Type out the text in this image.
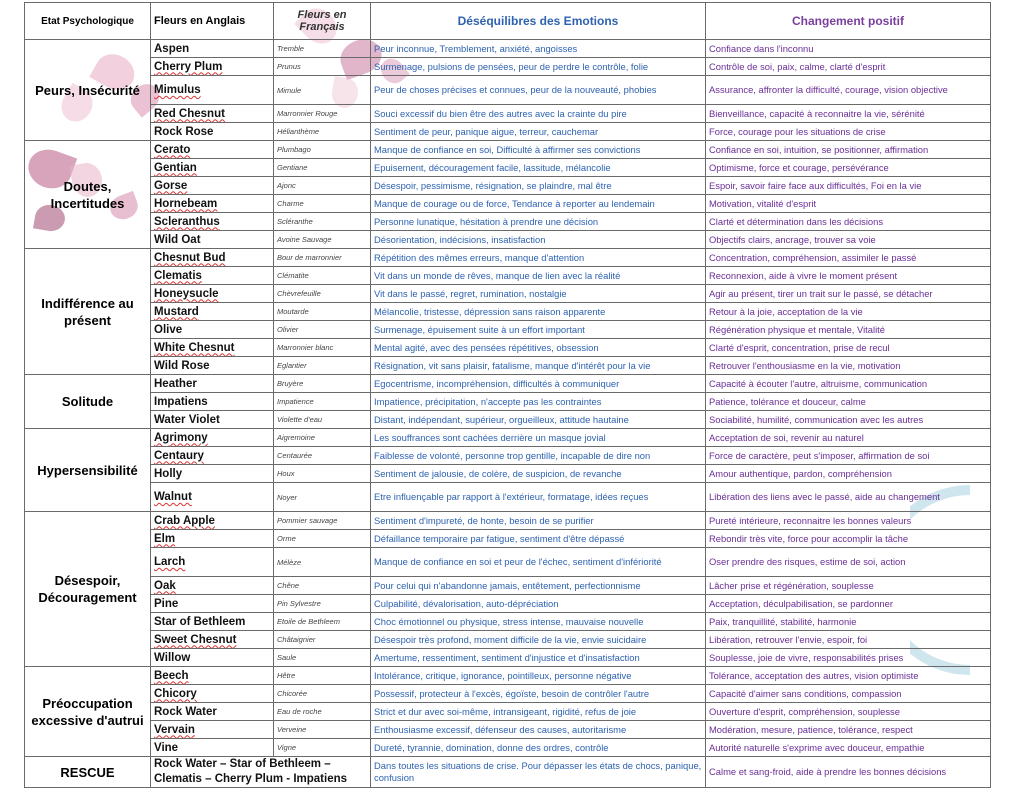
Etat Psychologique	Fleurs en Anglais	Fleurs en Français	Déséquilibres des Emotions	Changement positif
Peurs, Insécurité	Aspen	Tremble	Peur inconnue, Tremblement, anxiété, angoisses	Confiance dans l'inconnu
	Cherry Plum	Prunus	Surmenage, pulsions de pensées, peur de perdre le contrôle, folie	Contrôle de soi, paix, calme, clarté d'esprit
	Mimulus	Mimule	Peur de choses précises et connues, peur de la nouveauté, phobies	Assurance, affronter la difficulté, courage, vision objective
	Red Chesnut	Marronnier Rouge	Souci excessif du bien être des autres avec la crainte du pire	Bienveillance, capacité à reconnaitre la vie, sérénité
	Rock Rose	Hélianthème	Sentiment de peur, panique aigue, terreur, cauchemar	Force, courage pour les situations de crise
Doutes, Incertitudes	Cerato	Plumbago	Manque de confiance en soi, Difficulté à affirmer ses convictions	Confiance en soi, intuition, se positionner, affirmation
	Gentian	Gentiane	Epuisement, découragement facile, lassitude, mélancolie	Optimisme, force et courage, persévérance
	Gorse	Ajonc	Désespoir, pessimisme, résignation, se plaindre, mal être	Espoir, savoir faire face aux difficultés, Foi en la vie
	Hornebeam	Charme	Manque de courage ou de force, Tendance à reporter au lendemain	Motivation, vitalité d'esprit
	Scleranthus	Scléranthe	Personne lunatique, hésitation à prendre une décision	Clarté et détermination dans les décisions
	Wild Oat	Avoine Sauvage	Désorientation, indécisions, insatisfaction	Objectifs clairs, ancrage, trouver sa voie
Indifférence au présent	Chesnut Bud	Bour de marronnier	Répétition des mêmes erreurs, manque d'attention	Concentration, compréhension, assimiler le passé
	Clematis	Clématite	Vit dans un monde de rêves, manque de lien avec la réalité	Reconnexion, aide à vivre le moment présent
	Honeysucle	Chèvrefeuille	Vit dans le passé, regret, rumination, nostalgie	Agir au présent, tirer un trait sur le passé, se détacher
	Mustard	Moutarde	Mélancolie, tristesse, dépression sans raison apparente	Retour à la joie, acceptation de la vie
	Olive	Olivier	Surmenage, épuisement suite à un effort important	Régénération physique et mentale, Vitalité
	White Chesnut	Marronnier blanc	Mental agité, avec des pensées répétitives, obsession	Clarté d'esprit, concentration, prise de recul
	Wild Rose	Eglantier	Résignation, vit sans plaisir, fatalisme, manque d'intérêt pour la vie	Retrouver l'enthousiasme en la vie, motivation
Solitude	Heather	Bruyère	Egocentrisme, incompréhension, difficultés à communiquer	Capacité à écouter l'autre, altruisme, communication
	Impatiens	Impatience	Impatience, précipitation, n'accepte pas les contraintes	Patience, tolérance et douceur, calme
	Water Violet	Violette d'eau	Distant, indépendant, supérieur, orgueilleux, attitude hautaine	Sociabilité, humilité, communication avec les autres
Hypersensibilité	Agrimony	Aigremoine	Les souffrances sont cachées derrière un masque jovial	Acceptation de soi, revenir au naturel
	Centaury	Centaurée	Faiblesse de volonté, personne trop gentille, incapable de dire non	Force de caractère, peut s'imposer, affirmation de soi
	Holly	Houx	Sentiment de jalousie, de colère, de suspicion, de revanche	Amour authentique, pardon, compréhension
	Walnut	Noyer	Etre influençable par rapport à l'extérieur, formatage, idées reçues	Libération des liens avec le passé, aide au changement
Désespoir, Découragement	Crab Apple	Pommier sauvage	Sentiment d'impureté, de honte, besoin de se purifier	Pureté intérieure, reconnaitre les bonnes valeurs
	Elm	Orme	Défaillance temporaire par fatigue, sentiment d'être dépassé	Rebondir très vite, force pour accomplir la tâche
	Larch	Mélèze	Manque de confiance en soi et peur de l'échec, sentiment d'infériorité	Oser prendre des risques, estime de soi, action
	Oak	Chêne	Pour celui qui n'abandonne jamais, entêtement, perfectionnisme	Lâcher prise et régénération, souplesse
	Pine	Pin Sylvestre	Culpabilité, dévalorisation, auto-dépréciation	Acceptation, déculpabilisation, se pardonner
	Star of Bethleem	Etoile de Bethleem	Choc émotionnel ou physique, stress intense, mauvaise nouvelle	Paix, tranquillité, stabilité, harmonie
	Sweet Chesnut	Châtaignier	Désespoir très profond, moment difficile de la vie, envie suicidaire	Libération, retrouver l'envie, espoir, foi
	Willow	Saule	Amertume, ressentiment, sentiment d'injustice et d'insatisfaction	Souplesse, joie de vivre, responsabilités prises
Préoccupation excessive d'autrui	Beech	Hêtre	Intolérance, critique, ignorance, pointilleux, personne négative	Tolérance, acceptation des autres, vision optimiste
	Chicory	Chicorée	Possessif, protecteur à l'excès, égoïste, besoin de contrôler l'autre	Capacité d'aimer sans conditions, compassion
	Rock Water	Eau de roche	Strict et dur avec soi-même, intransigeant, rigidité, refus de joie	Ouverture d'esprit, compréhension, souplesse
	Vervain	Verveine	Enthousiasme excessif, défenseur des causes, autoritarisme	Modération, mesure, patience, tolérance, respect
	Vine	Vigne	Dureté, tyrannie, domination, donne des ordres, contrôle	Autorité naturelle s'exprime avec douceur, empathie
RESCUE	Rock Water – Star of Bethleem – Clematis – Cherry Plum - Impatiens		Dans toutes les situations de crise. Pour dépasser les états de chocs, panique, confusion	Calme et sang-froid, aide à prendre les bonnes décisions
